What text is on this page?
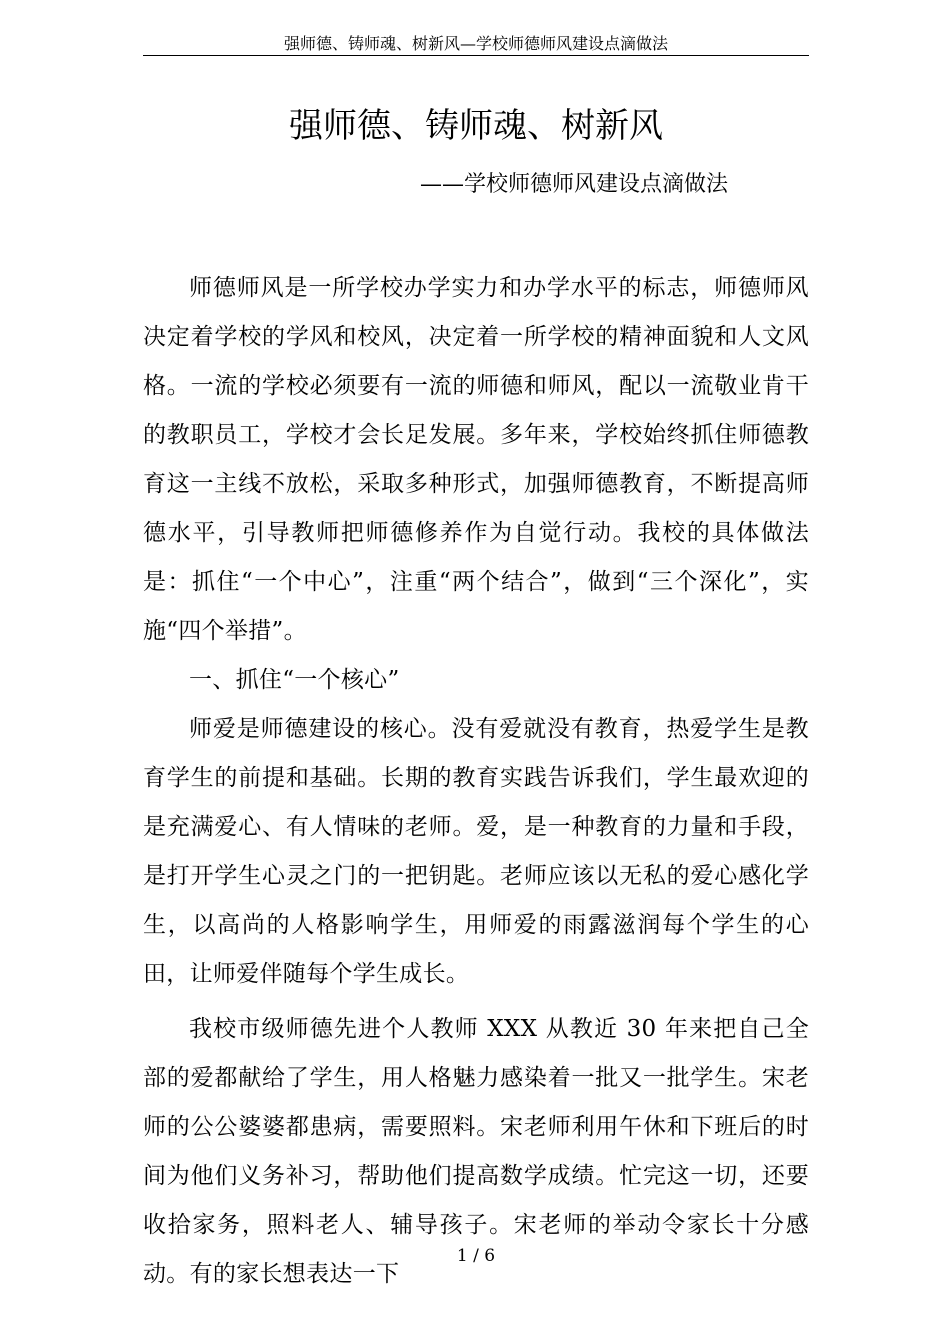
强师德、铸师魂、树新风—学校师德师风建设点滴做法
强师德、铸师魂、树新风
——学校师德师风建设点滴做法

师德师风是一所学校办学实力和办学水平的标志，师德师风决定着学校的学风和校风，决定着一所学校的精神面貌和人文风格。一流的学校必须要有一流的师德和师风，配以一流敬业肯干的教职员工，学校才会长足发展。多年来，学校始终抓住师德教育这一主线不放松，采取多种形式，加强师德教育，不断提高师德水平，引导教师把师德修养作为自觉行动。我校的具体做法是：抓住“一个中心”，注重“两个结合”，做到“三个深化”，实施“四个举措”。

一、抓住“一个核心”

师爱是师德建设的核心。没有爱就没有教育，热爱学生是教育学生的前提和基础。长期的教育实践告诉我们，学生最欢迎的是充满爱心、有人情味的老师。爱，是一种教育的力量和手段，是打开学生心灵之门的一把钥匙。老师应该以无私的爱心感化学生，以高尚的人格影响学生，用师爱的雨露滋润每个学生的心田，让师爱伴随每个学生成长。

我校市级师德先进个人教师 XXX 从教近 30 年来把自己全部的爱都献给了学生，用人格魅力感染着一批又一批学生。宋老师的公公婆婆都患病，需要照料。宋老师利用午休和下班后的时间为他们义务补习，帮助他们提高数学成绩。忙完这一切，还要收拾家务，照料老人、辅导孩子。宋老师的举动令家长十分感动。有的家长想表达一下

1 / 6
